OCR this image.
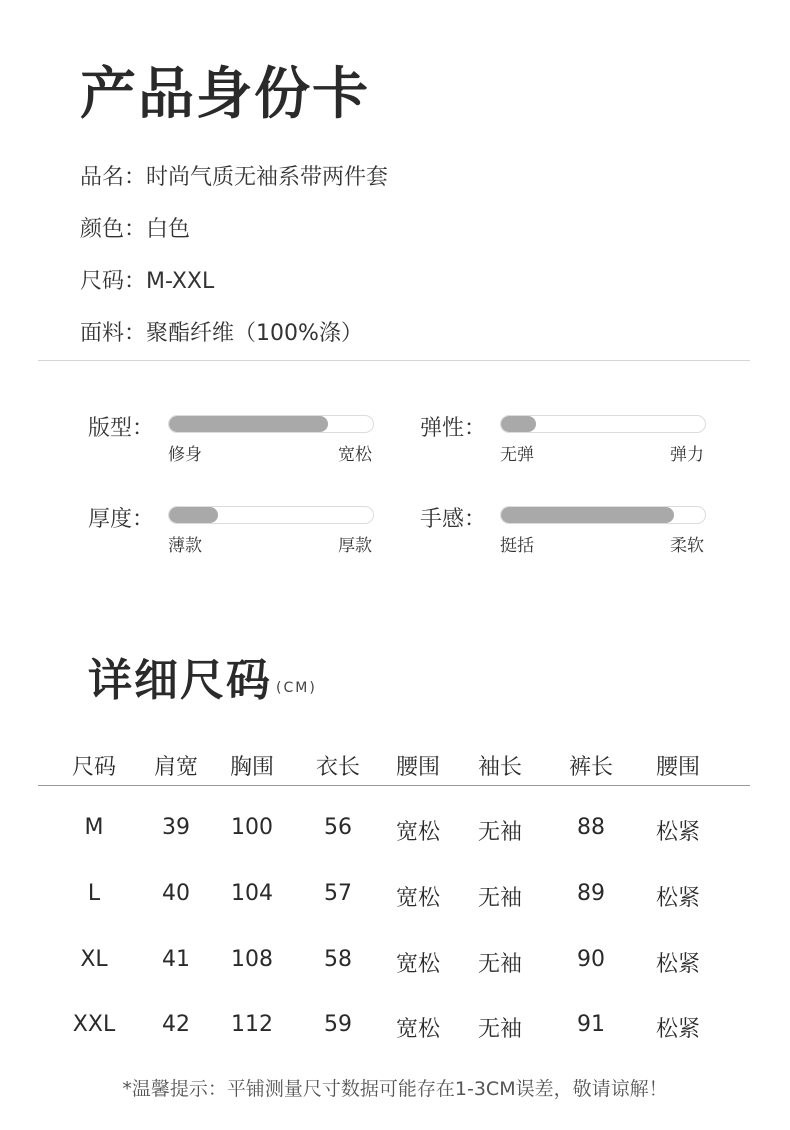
产品身份卡
品名：时尚气质无袖系带两件套
颜色：白色
尺码：M-XXL
面料：聚酯纤维（100%涤）
版型：
修身	宽松
弹性：
无弹	弹力
厚度：
薄款	厚款
手感：
挺括	柔软
详细尺码 (CM)
尺码 肩宽 胸围 衣长 腰围 袖长 裤长 腰围
M	39 100 56 宽松 无袖 88 松紧
L	40 104 57 宽松 无袖 89 松紧
XL 41 108 58 宽松 无袖 90 松紧
XXL 42 112 59 宽松 无袖 91 松紧
*温馨提示：平铺测量尺寸数据可能存在1-3CM误差，敬请谅解！
